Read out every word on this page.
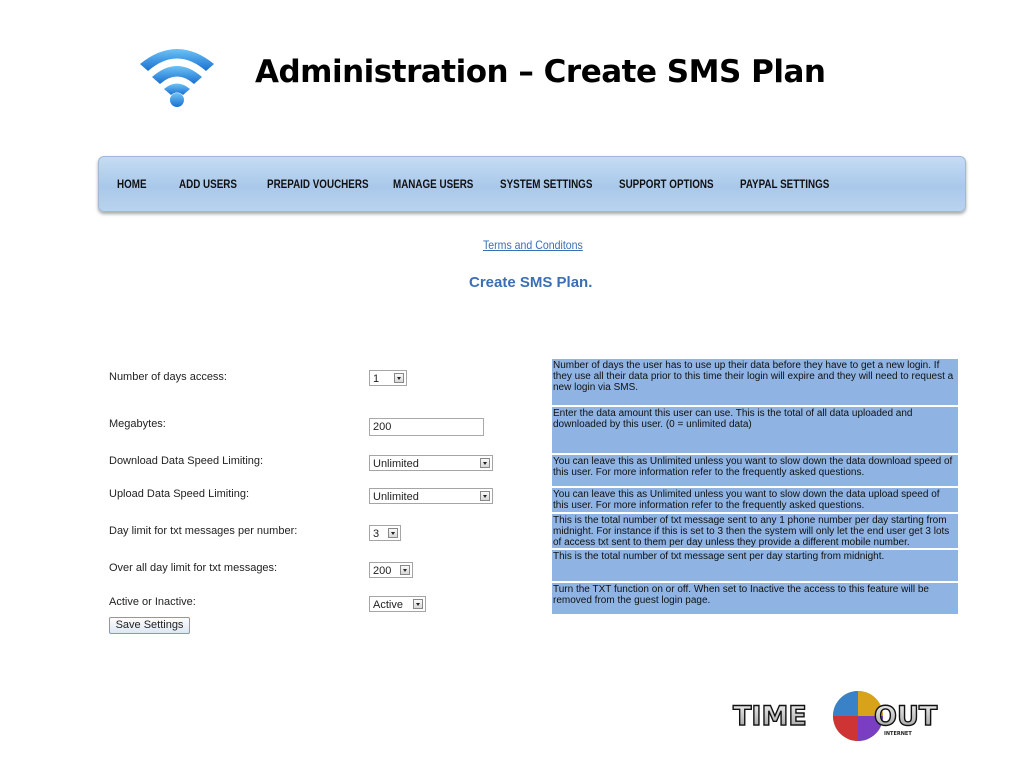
Administration – Create SMS Plan
HOME	ADD USERS	PREPAID VOUCHERS MANAGE USERS SYSTEM SETTINGS SUPPORT OPTIONS PAYPAL SETTINGS
Terms and Conditons
Create SMS Plan.
Number of days access:
Megabytes:
Download Data Speed Limiting:
Upload Data Speed Limiting:
Day limit for txt messages per number:
Over all day limit for txt messages:
Active or Inactive:
1
200
Unlimited
Unlimited
3
200
Active
Save Settings
Number of days the user has to use up their data before they have to get a new login. If they use all their data prior to this time their login will expire and they will need to request a new login via SMS.
Enter the data amount this user can use. This is the total of all data uploaded and downloaded by this user. (0 = unlimited data)
You can leave this as Unlimited unless you want to slow down the data download speed of this user. For more information refer to the frequently asked questions.
You can leave this as Unlimited unless you want to slow down the data upload speed of this user. For more information refer to the frequently asked questions.
This is the total number of txt message sent to any 1 phone number per day starting from midnight. For instance if this is set to 3 then the system will only let the end user get 3 lots of access txt sent to them per day unless they provide a different mobile number.
This is the total number of txt message sent per day starting from midnight.
Turn the TXT function on or off. When set to Inactive the access to this feature will be removed from the guest login page.
TIME OUT
INTERNET
